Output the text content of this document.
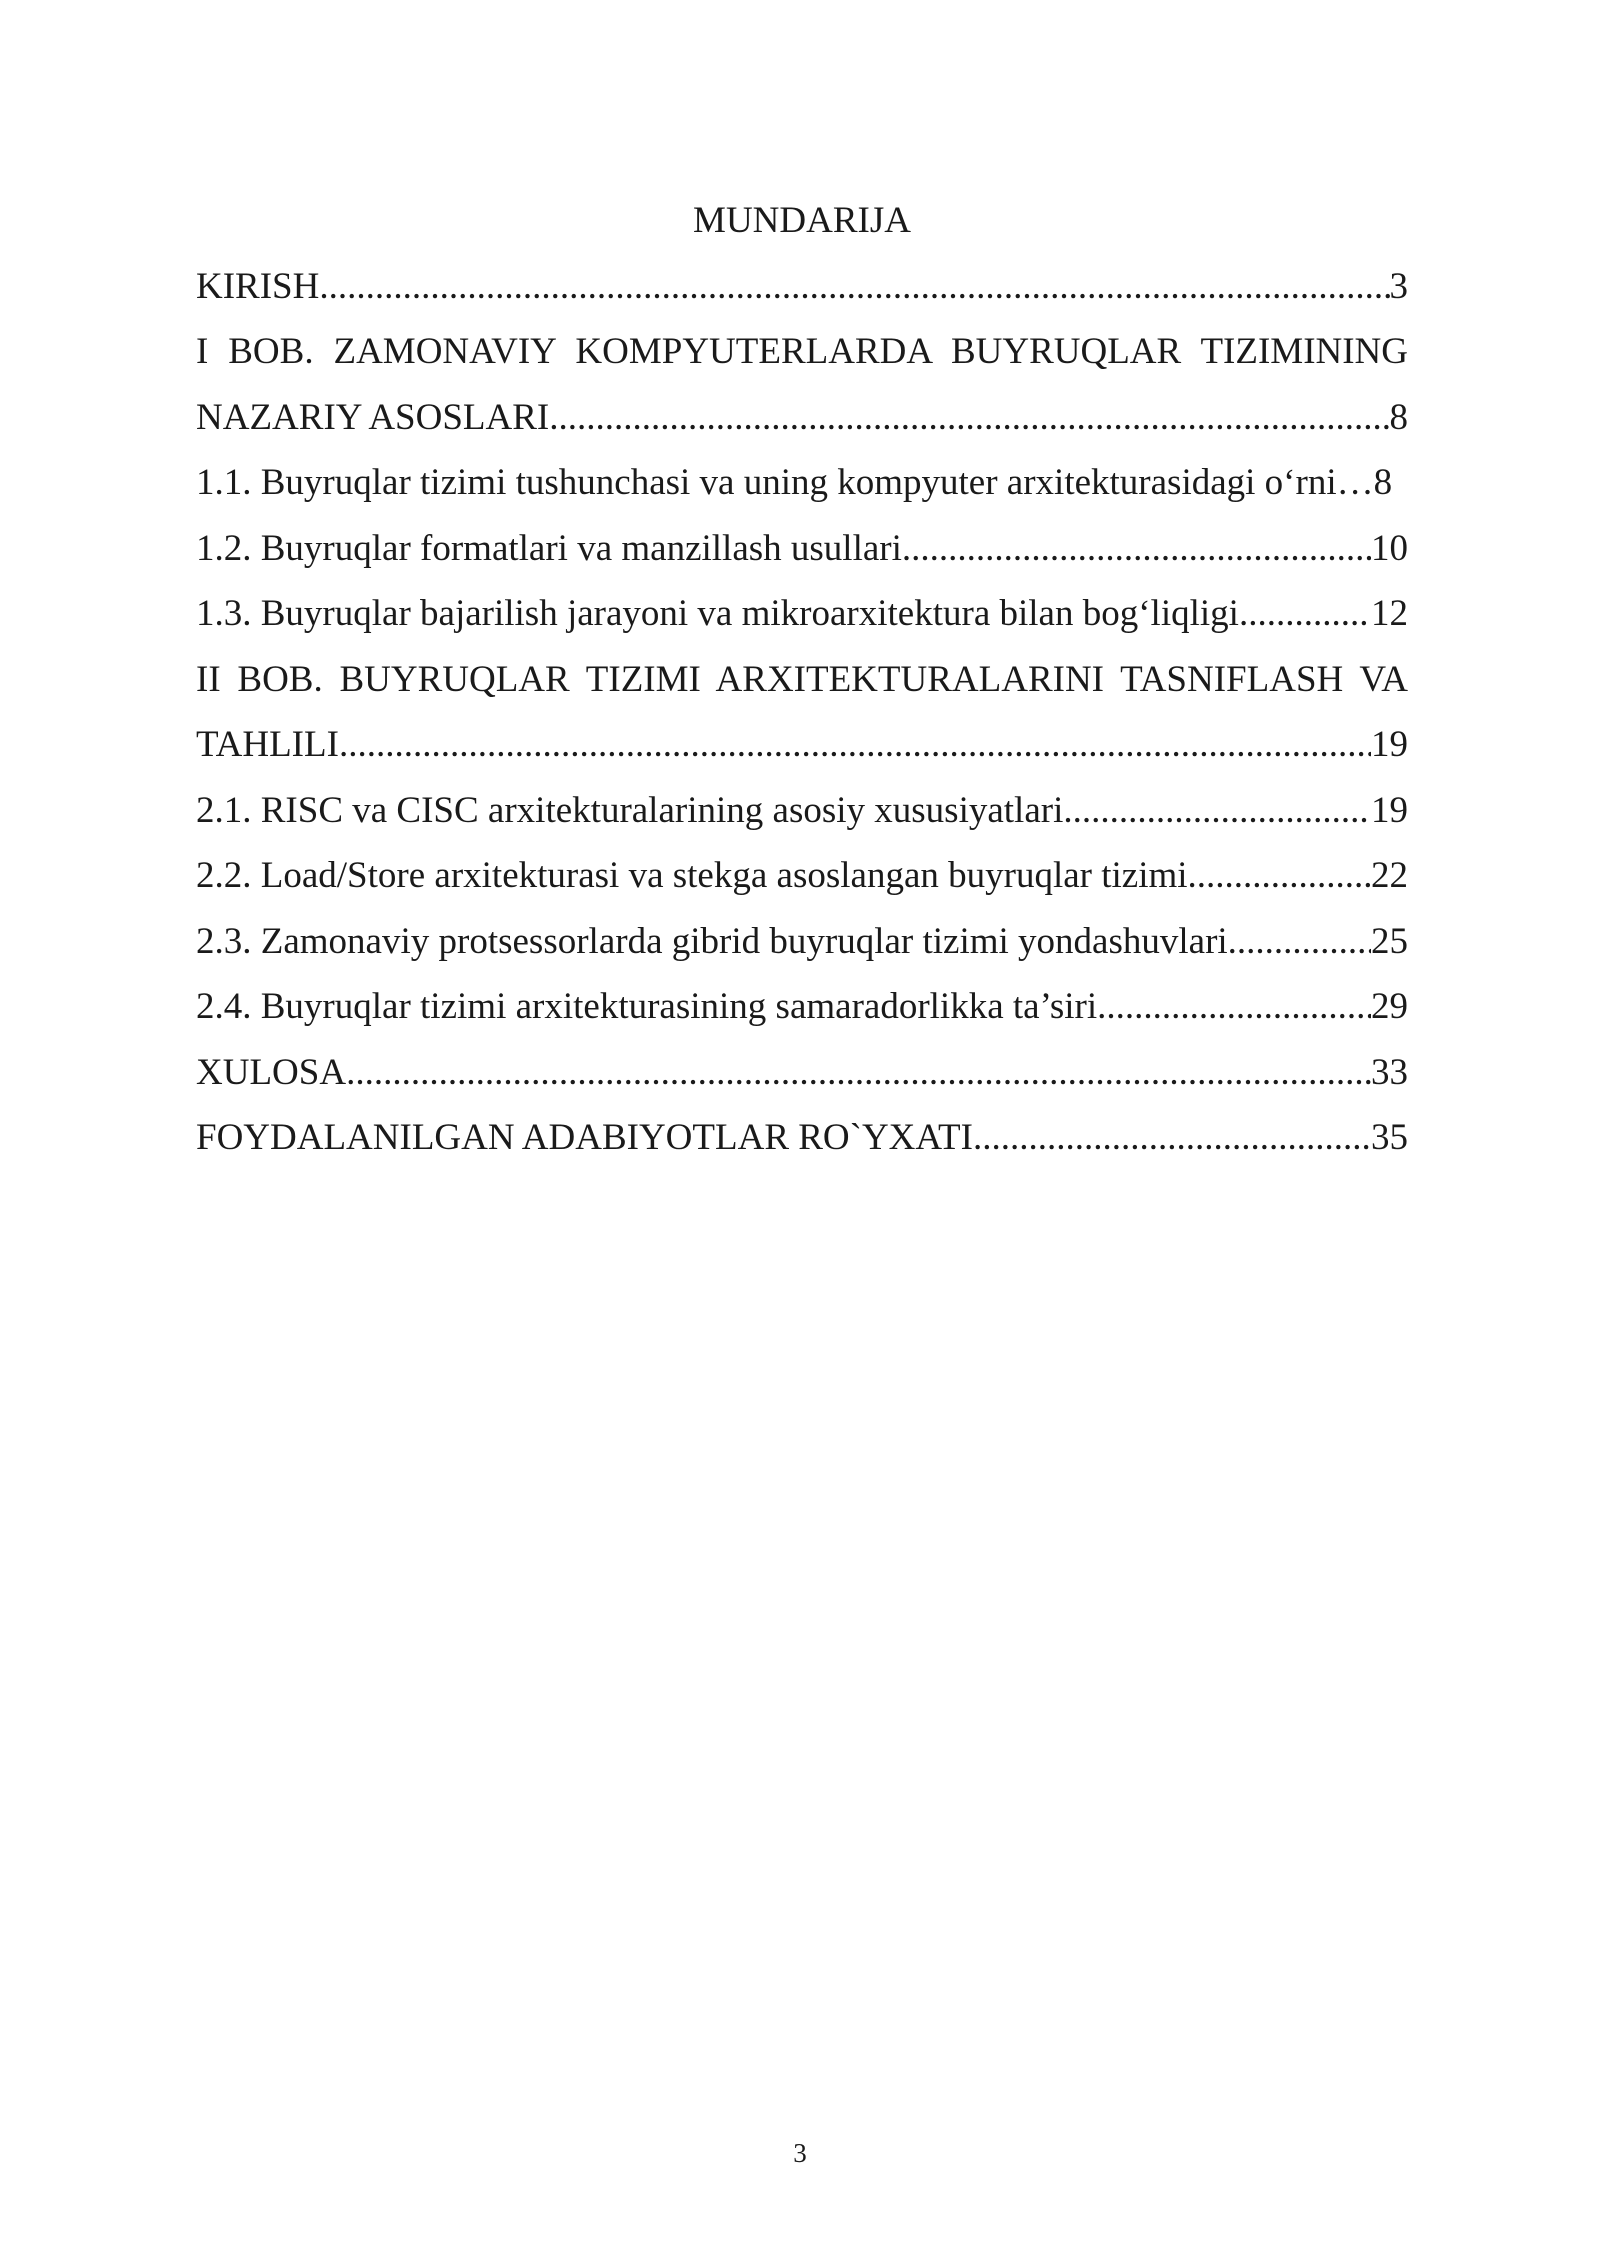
MUNDARIJA
KIRISH .....	3
I BOB. ZAMONAVIY KOMPYUTERLARDA BUYRUQLAR TIZIMINING
NAZARIY ASOSLARI .....	8
1.1. Buyruqlar tizimi tushunchasi va uning kompyuter arxitekturasidagi o‘rni… 8
1.2. Buyruqlar formatlari va manzillash usullari .....	10
1.3. Buyruqlar bajarilish jarayoni va mikroarxitektura bilan bog‘liqligi .....	12
II BOB. BUYRUQLAR TIZIMI ARXITEKTURALARINI TASNIFLASH VA
TAHLILI .....	19
2.1. RISC va CISC arxitekturalarining asosiy xususiyatlari .....	19
2.2. Load/Store arxitekturasi va stekga asoslangan buyruqlar tizimi .....	22
2.3. Zamonaviy protsessorlarda gibrid buyruqlar tizimi yondashuvlari .....	25
2.4. Buyruqlar tizimi arxitekturasining samaradorlikka ta’siri .....	29
XULOSA .....	33
FOYDALANILGAN ADABIYOTLAR RO`YXATI .....	35
3
